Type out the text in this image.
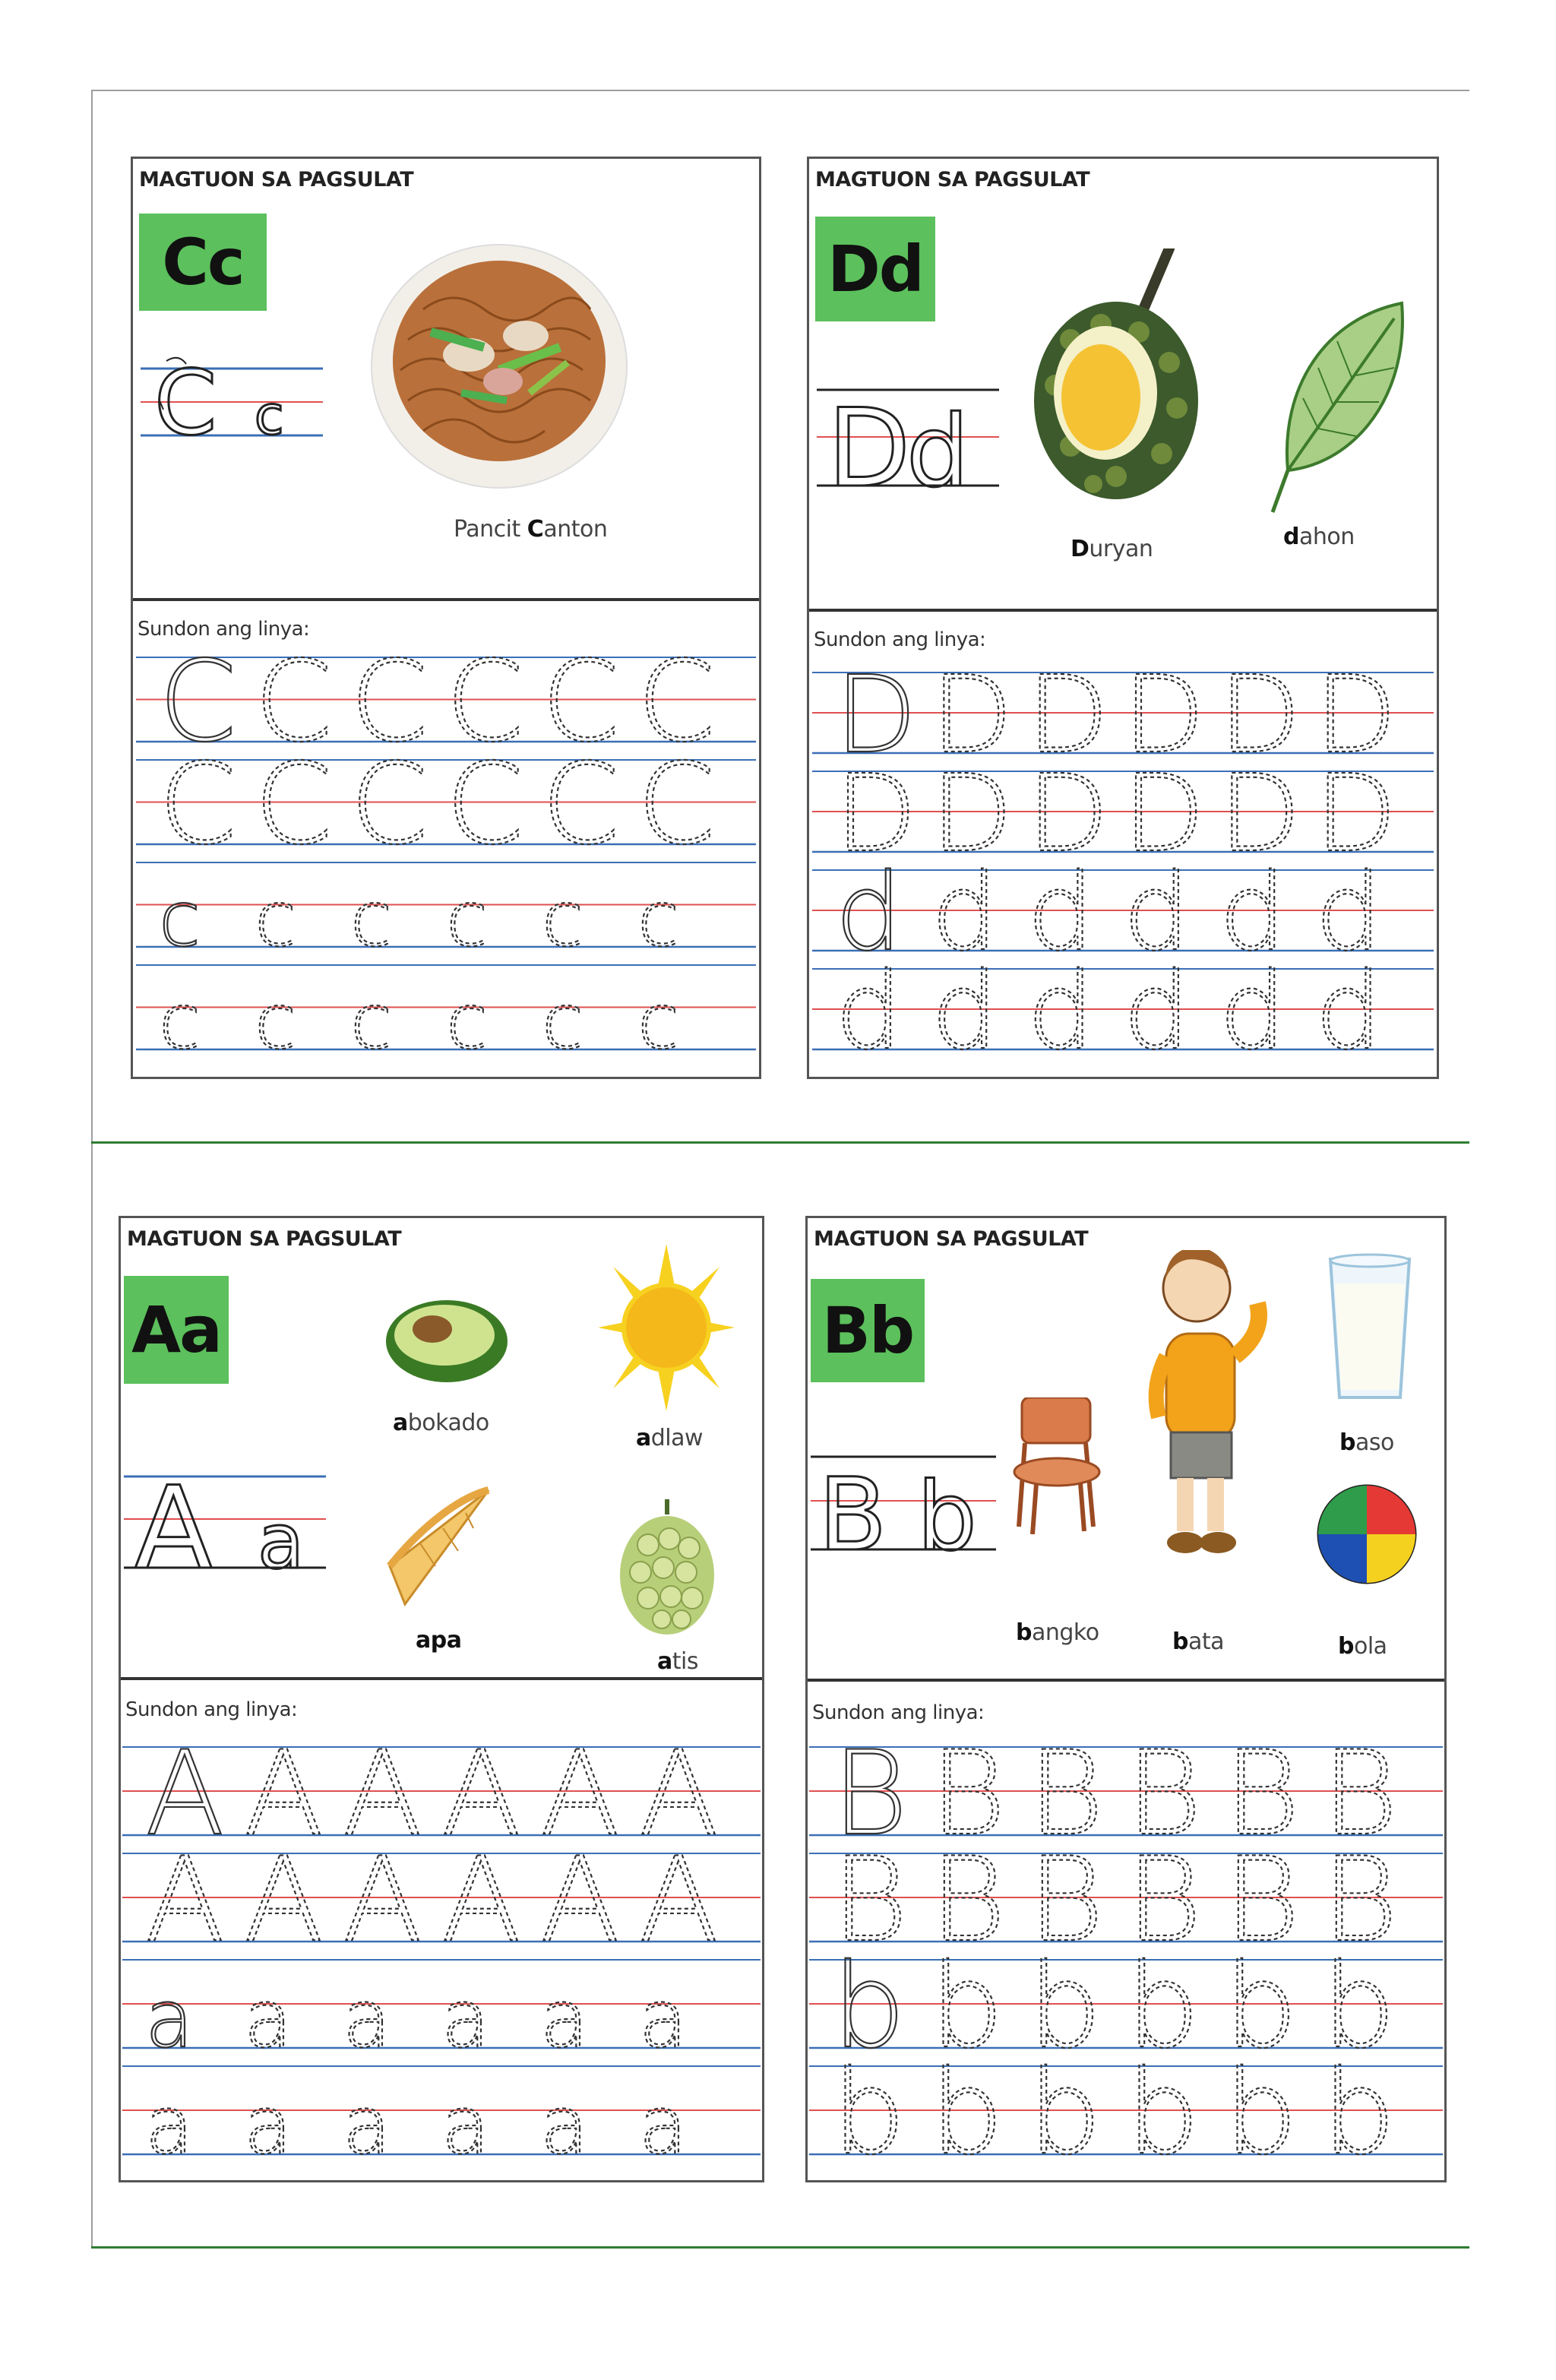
MAGTUON SA PAGSULAT
Cc
C c
Pancit Canton
Sundon ang linya:
C C C C C C
C C C C C C
c c c c c c
c c c c c c
MAGTUON SA PAGSULAT
Dd
D
d
Duryan	dahon
Sundon ang linya:
D D D D D D
D D D D D D
d d d d d d
d d d d d d
MAGTUON SA PAGSULAT
Aa
A a
abokado
adlaw
apa
atis
Sundon ang linya:
A A A A A A
A A A A A A
a a a a a a
a a a a a a
MAGTUON SA PAGSULAT
Bb
B b
bangko	bata
baso
bola
Sundon ang linya:
B B B B B B
B B B B B B
b b b b b b
b b b b b b
